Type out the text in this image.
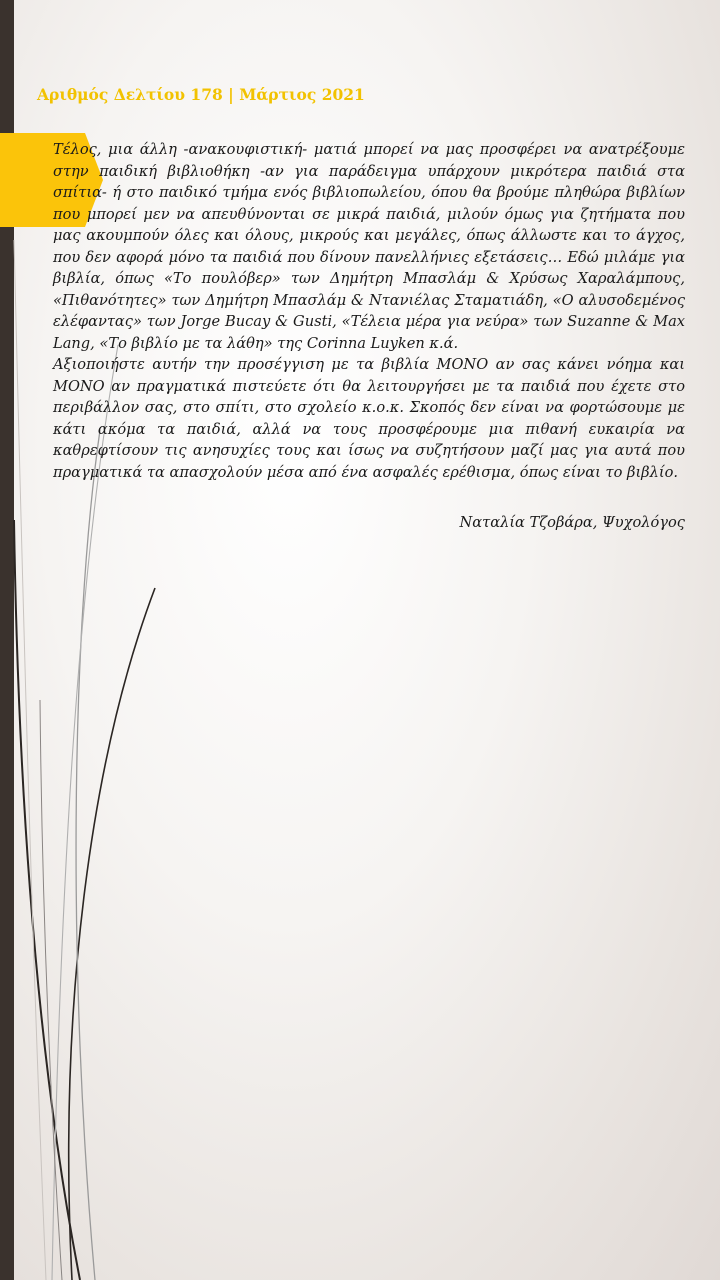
Αριθμός Δελτίου 178 | Μάρτιος 2021

Τέλος, μια άλλη -ανακουφιστική- ματιά μπορεί να μας προσφέρει να ανατρέξουμε στην παιδική βιβλιοθήκη -αν για παράδειγμα υπάρχουν μικρότερα παιδιά στα σπίτια- ή στο παιδικό τμήμα ενός βιβλιοπωλείου, όπου θα βρούμε πληθώρα βιβλίων που μπορεί μεν να απευθύνονται σε μικρά παιδιά, μιλούν όμως για ζητήματα που μας ακουμπούν όλες και όλους, μικρούς και μεγάλες, όπως άλλωστε και το άγχος, που δεν αφορά μόνο τα παιδιά που δίνουν πανελλήνιες εξετάσεις… Εδώ μιλάμε για βιβλία, όπως «Το πουλόβερ» των Δημήτρη Μπασλάμ & Χρύσως Χαραλάμπους, «Πιθανότητες» των Δημήτρη Μπασλάμ & Ντανιέλας Σταματιάδη, «Ο αλυσοδεμένος ελέφαντας» των Jorge Bucay & Gusti, «Τέλεια μέρα για νεύρα» των Suzanne & Max Lang, «Το βιβλίο με τα λάθη» της Corinna Luyken κ.ά.

Αξιοποιήστε αυτήν την προσέγγιση με τα βιβλία ΜΟΝΟ αν σας κάνει νόημα και ΜΟΝΟ αν πραγματικά πιστεύετε ότι θα λειτουργήσει με τα παιδιά που έχετε στο περιβάλλον σας, στο σπίτι, στο σχολείο κ.ο.κ. Σκοπός δεν είναι να φορτώσουμε με κάτι ακόμα τα παιδιά, αλλά να τους προσφέρουμε μια πιθανή ευκαιρία να καθρεφτίσουν τις ανησυχίες τους και ίσως να συζητήσουν μαζί μας για αυτά που πραγματικά τα απασχολούν μέσα από ένα ασφαλές ερέθισμα, όπως είναι το βιβλίο.

Ναταλία Τζοβάρα, Ψυχολόγος
